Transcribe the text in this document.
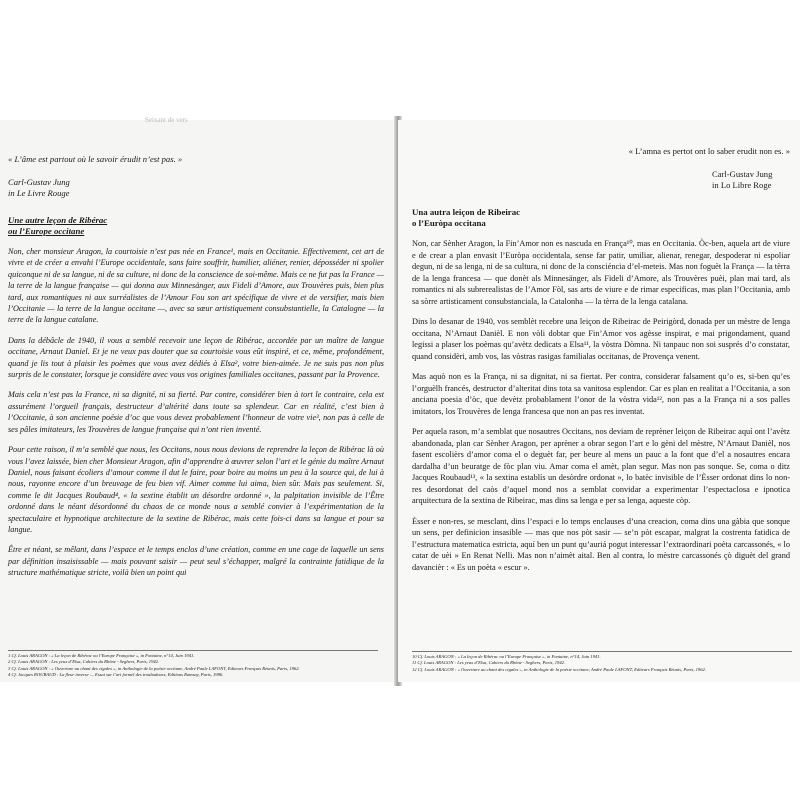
« L’âme est partout où le savoir érudit n’est pas. »
Carl-Gustav Jung
in Le Livre Rouge
Une autre leçon de Ribérac
ou l’Europe occitane

Non, cher monsieur Aragon, la courtoisie n’est pas née en France¹, mais en Occitanie. Effectivement, cet art de vivre et de créer a envahi l’Europe occidentale, sans faire souffrir, humilier, aliéner, renier, déposséder ni spolier quiconque ni de sa langue, ni de sa culture, ni donc de la conscience de soi-même. Mais ce ne fut pas la France — la terre de la langue française — qui donna aux Minnesänger, aux Fideli d’Amore, aux Trouvères puis, bien plus tard, aux romantiques ni aux surréalistes de l’Amour Fou son art spécifique de vivre et de versifier, mais bien l’Occitanie — la terre de la langue occitane —, avec sa sœur artistiquement consubstantielle, la Catalogne — la terre de la langue catalane.

Dans la débâcle de 1940, il vous a semblé recevoir une leçon de Ribérac, accordée par un maître de langue occitane, Arnaut Daniel. Et je ne veux pas douter que sa courtoisie vous eût inspiré, et ce, même, profondément, quand je lis tout à plaisir les poèmes que vous avez dédiés à Elsa², votre bien-aimée. Je ne suis pas non plus surpris de le constater, lorsque je considère avec vous vos origines familiales occitanes, passant par la Provence.

Mais cela n’est pas la France, ni sa dignité, ni sa fierté. Par contre, considérer bien à tort le contraire, cela est assurément l’orgueil français, destructeur d’altérité dans toute sa splendeur. Car en réalité, c’est bien à l’Occitanie, à son ancienne poésie d’oc que vous devez probablement l’honneur de votre vie³, non pas à celle de ses pâles imitateurs, les Trouvères de langue française qui n’ont rien inventé.

Pour cette raison, il m’a semblé que nous, les Occitans, nous nous devions de reprendre la leçon de Ribérac là où vous l’avez laissée, bien cher Monsieur Aragon, afin d’apprendre à œuvrer selon l’art et le génie du maître Arnaut Daniel, nous faisant écoliers d’amour comme il dut le faire, pour boire au moins un peu à la source qui, de lui à nous, rayonne encore d’un breuvage de feu bien vif. Aimer comme lui aima, bien sûr. Mais pas seulement. Si, comme le dit Jacques Roubaud⁴, « la sextine établit un désordre ordonné », la palpitation invisible de l’Être ordonné dans le néant désordonné du chaos de ce monde nous a semblé convier à l’expérimentation de la spectaculaire et hypnotique architecture de la sextine de Ribérac, mais cette fois-ci dans sa langue et pour sa langue.

Être et néant, se mêlant, dans l’espace et le temps enclos d’une création, comme en une cage de laquelle un sens par définition insaisissable — mais pouvant saisir — peut seul s’échapper, malgré la contrainte fatidique de la structure mathématique stricte, voilà bien un point qui

1 Cf. Louis ARAGON : « La leçon de Ribérac ou l’Europe Française », in Fontaine, n°14, Juin 1941.
2 Cf. Louis ARAGON : Les yeux d’Elsa, Cahiers du Rhône - Seghers, Paris, 1942.
3 Cf. Louis ARAGON : « Ouverture au chant des cigales », in Anthologie de la poésie occitane, André Paule LAFONT, Editeurs Français Réunis, Paris, 1962.
4 Cf. Jacques ROUBAUD : La fleur inverse — Essai sur l’art formel des troubadours, Editions Ramsay, Paris, 1986.
Seixant de vers
« L’amna es pertot ont lo saber erudit non es. »
Carl-Gustav Jung
in Lo Libre Roge
Una autra leiçon de Ribeirac
o l’Euròpa occitana

Non, car Sènher Aragon, la Fin’Amor non es nascuda en França¹⁰, mas en Occitania. Òc-ben, aquela art de viure e de crear a plan envasit l’Euròpa occidentala, sense far patir, umiliar, alienar, renegar, despoderar ni espoliar degun, ni de sa lenga, ni de sa cultura, ni donc de la consciéncia d’el-meteis. Mas non foguèt la França — la tèrra de la lenga francesa — que donèt als Minnesänger, als Fideli d’Amore, als Trouvères puèi, plan mai tard, als romantics ni als subrerealistas de l’Amor Fòl, sas arts de viure e de rimar especificas, mas plan l’Occitania, amb sa sòrre artisticament consubstanciala, la Catalonha — la tèrra de la lenga catalana.

Dins lo desanar de 1940, vos semblèt recebre una leiçon de Ribeirac de Peirigòrd, donada per un mèstre de lenga occitana, N’Arnaut Danièl. E non vòli dobtar que Fin’Amor vos agèsse inspirat, e mai prigondament, quand legissi a plaser los poèmas qu’avètz dedicats a Elsa¹¹, la vòstra Dòmna. Ni tanpauc non soi susprés d’o constatar, quand considèri, amb vos, las vòstras rasigas familialas occitanas, de Provença venent.

Mas aquò non es la França, ni sa dignitat, ni sa fiertat. Per contra, considerar falsament qu’o es, si-ben qu’es l’orguèlh francés, destructor d’alteritat dins tota sa vanitosa esplendor. Car es plan en realitat a l’Occitania, a son anciana poesia d’òc, que devètz probablament l’onor de la vòstra vida¹², non pas a la França ni a sos palles imitators, los Trouvères de lenga francesa que non an pas res inventat.

Per aquela rason, m’a semblat que nosautres Occitans, nos deviam de reprèner leiçon de Ribeirac aquí ont l’avètz abandonada, plan car Sènher Aragon, per aprèner a obrar segon l’art e lo gèni del mèstre, N’Arnaut Danièl, nos fasent escolièrs d’amor coma el o deguèt far, per beure al mens un pauc a la font que d’el a nosautres encara dardalha d’un beuratge de fòc plan viu. Amar coma el amèt, plan segur. Mas non pas sonque. Se, coma o ditz Jacques Roubaud¹³, « la sextina establís un desòrdre ordonat », lo batèc invisible de l’Èsser ordonat dins lo non-res desordonat del caòs d’aquel mond nos a semblat convidar a experimentar l’espectaclosa e ipnotica arquitectura de la sextina de Ribeirac, mas dins sa lenga e per sa lenga, aqueste còp.

Èsser e non-res, se mesclant, dins l’espaci e lo temps enclauses d’una creacion, coma dins una gàbia que sonque un sens, per definicion insasible — mas que nos pòt sasir — se’n pòt escapar, malgrat la costrenta fatidica de l’estructura matematica estricta, aquí ben un punt qu’auriá pogut interessar l’extraordinari poèta carcassonés, « lo catar de uèi » En Renat Nelli. Mas non n’aimèt aital. Ben al contra, lo mèstre carcassonés çò diguèt del grand davancièr : « Es un poèta « escur ».

10 Cf. Louis ARAGON : « La leçon de Ribérac ou l’Europe Française », in Fontaine, n°14, Juin 1941.
11 Cf. Louis ARAGON : Les yeux d’Elsa, Cahiers du Rhône - Seghers, Paris, 1942.
12 Cf. Louis ARAGON : « Ouverture au chant des cigales », in Anthologie de la poésie occitane, André Paule LAFONT, Editeurs Français Réunis, Paris, 1962.
